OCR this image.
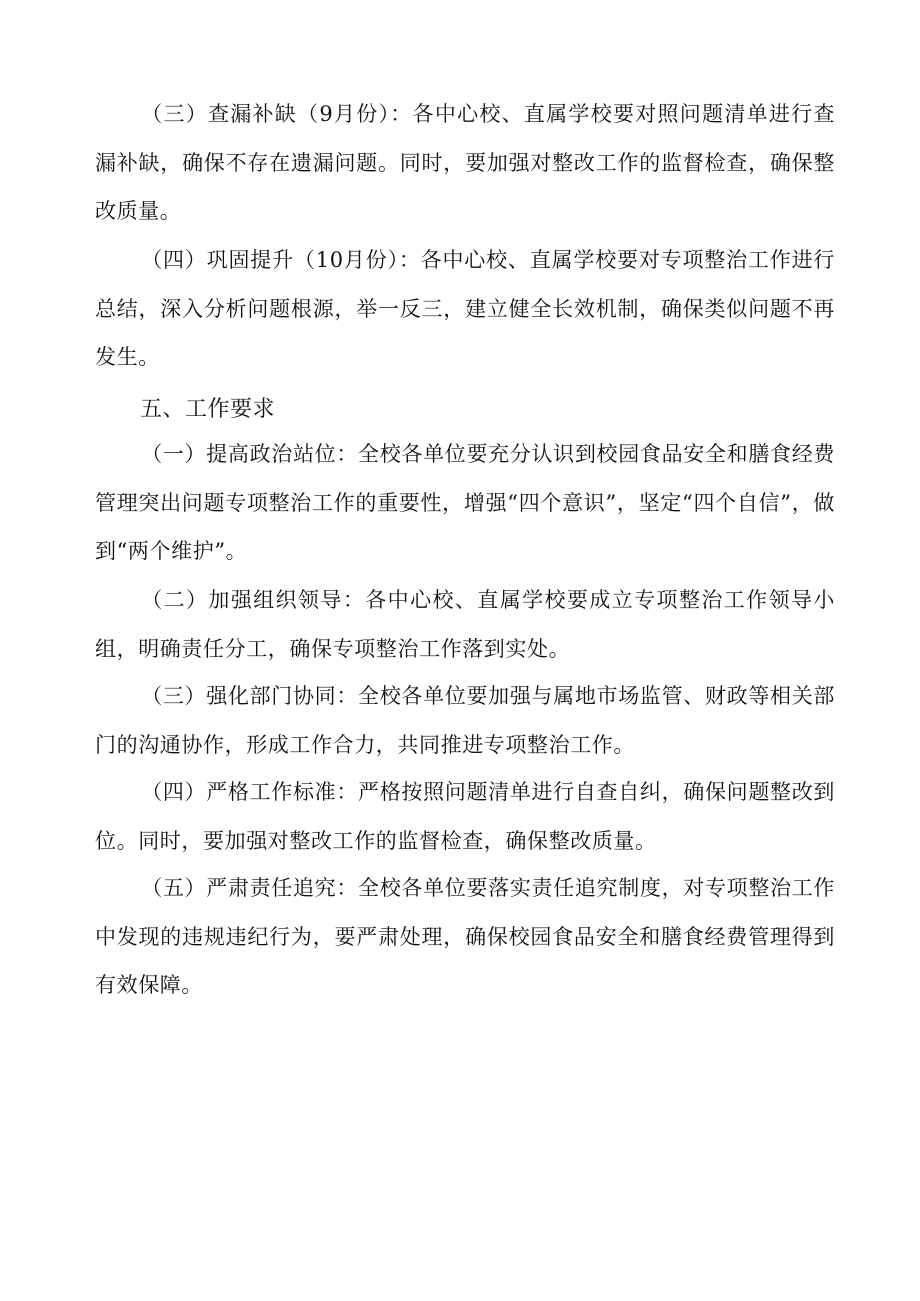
（三）查漏补缺（9月份）：各中心校、直属学校要对照问题清单进行查漏补缺，确保不存在遗漏问题。同时，要加强对整改工作的监督检查，确保整改质量。

（四）巩固提升（10月份）：各中心校、直属学校要对专项整治工作进行总结，深入分析问题根源，举一反三，建立健全长效机制，确保类似问题不再发生。

五、工作要求

（一）提高政治站位：全校各单位要充分认识到校园食品安全和膳食经费管理突出问题专项整治工作的重要性，增强“四个意识”，坚定“四个自信”，做到“两个维护”。

（二）加强组织领导：各中心校、直属学校要成立专项整治工作领导小组，明确责任分工，确保专项整治工作落到实处。

（三）强化部门协同：全校各单位要加强与属地市场监管、财政等相关部门的沟通协作，形成工作合力，共同推进专项整治工作。

（四）严格工作标准：严格按照问题清单进行自查自纠，确保问题整改到位。同时，要加强对整改工作的监督检查，确保整改质量。

（五）严肃责任追究：全校各单位要落实责任追究制度，对专项整治工作中发现的违规违纪行为，要严肃处理，确保校园食品安全和膳食经费管理得到有效保障。
